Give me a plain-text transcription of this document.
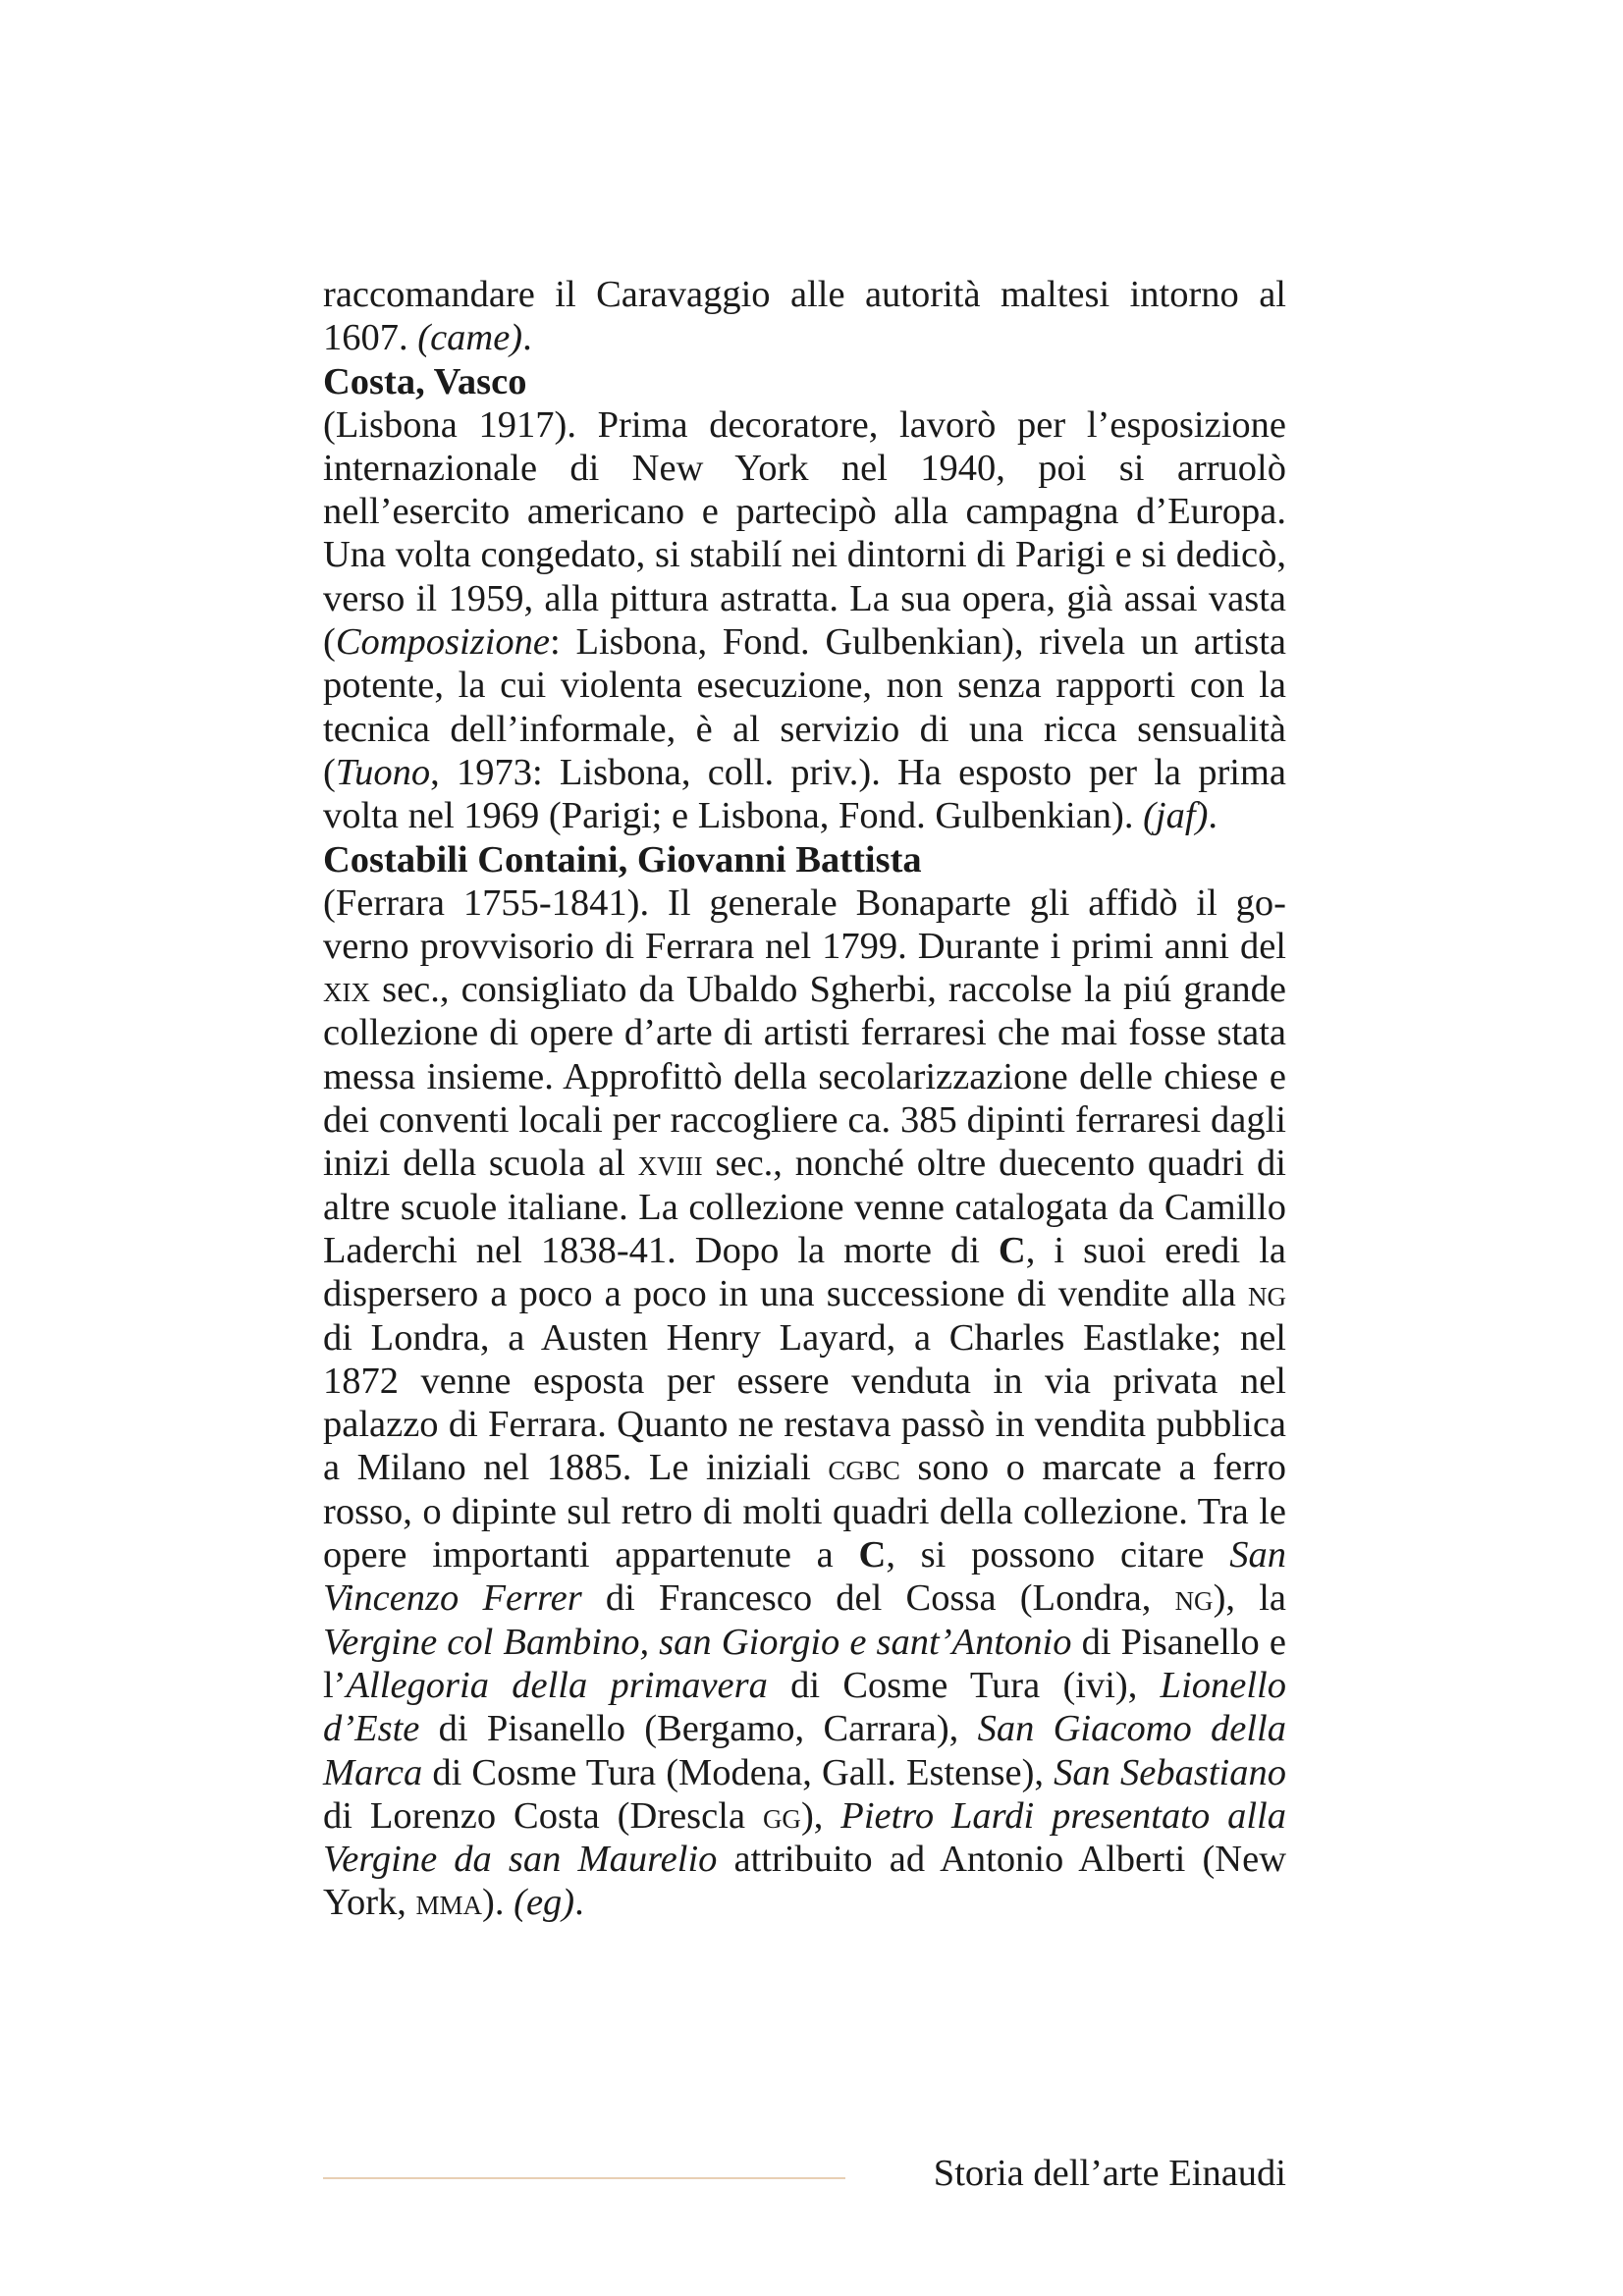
raccomandare il Caravaggio alle autorità maltesi intorno al 1607. (came).

Costa, Vasco

(Lisbona 1917). Prima decoratore, lavorò per l’esposizione internazionale di New York nel 1940, poi si arruolò nell’esercito americano e partecipò alla campagna d’Europa. Una volta congedato, si stabilí nei dintorni di Parigi e si dedicò, verso il 1959, alla pittura astratta. La sua opera, già assai vasta (Composizione: Lisbona, Fond. Gulbenkian), rivela un artista potente, la cui violenta esecuzione, non senza rapporti con la tecnica dell’informale, è al servizio di una ricca sensualità (Tuono, 1973: Lisbona, coll. priv.). Ha esposto per la prima volta nel 1969 (Parigi; e Lisbona, Fond. Gulbenkian). (jaf).

Costabili Containi, Giovanni Battista

(Ferrara 1755-1841). Il generale Bonaparte gli affidò il governo provvisorio di Ferrara nel 1799. Durante i primi anni del xix sec., consigliato da Ubaldo Sgherbi, raccolse la piú grande collezione di opere d’arte di artisti ferraresi che mai fosse stata messa insieme. Approfittò della secolarizzazione delle chiese e dei conventi locali per raccogliere ca. 385 dipinti ferraresi dagli inizi della scuola al xviii sec., nonché oltre duecento quadri di altre scuole italiane. La collezione venne catalogata da Camillo Laderchi nel 1838-41. Dopo la morte di C, i suoi eredi la dispersero a poco a poco in una successione di vendite alla ng di Londra, a Austen Henry Layard, a Charles Eastlake; nel 1872 venne esposta per essere venduta in via privata nel palazzo di Ferrara. Quanto ne restava passò in vendita pubblica a Milano nel 1885. Le iniziali cgbc sono o marcate a ferro rosso, o dipinte sul retro di molti quadri della collezione. Tra le opere importanti appartenute a C, si possono citare San Vincenzo Ferrer di Francesco del Cossa (Londra, ng), la Vergine col Bambino, san Giorgio e sant’Antonio di Pisanello e l’Allegoria della primavera di Cosme Tura (ivi), Lionello d’Este di Pisanello (Bergamo, Carrara), San Giacomo della Marca di Cosme Tura (Modena, Gall. Estense), San Sebastiano di Lorenzo Costa (Drescla gg), Pietro Lardi presentato alla Vergine da san Maurelio attribuito ad Antonio Alberti (New York, mma). (eg).

Storia dell’arte Einaudi
